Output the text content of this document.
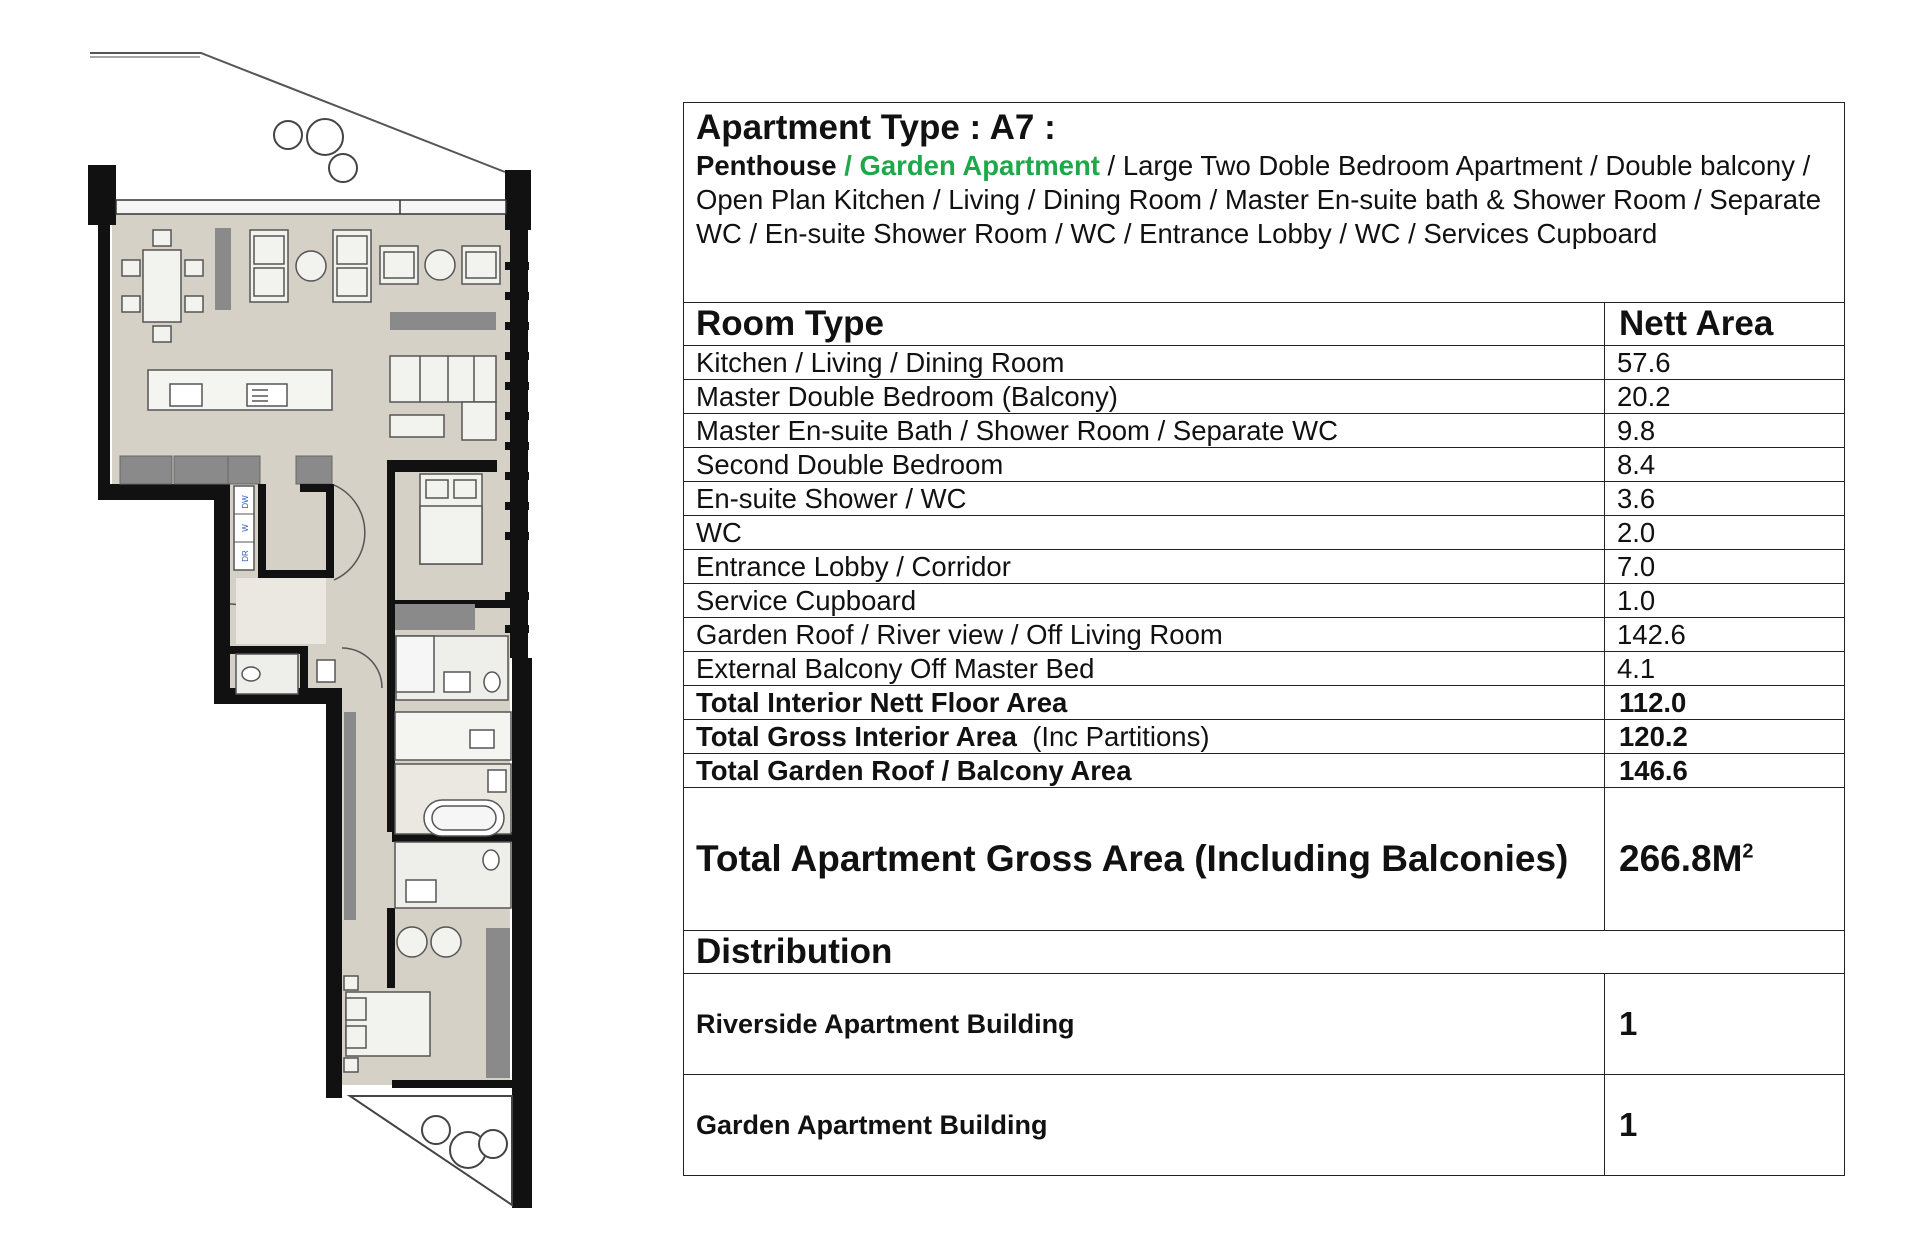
DW
W
DR
Apartment Type : A7 :
Penthouse / Garden Apartment / Large Two Doble Bedroom Apartment / Double balcony / Open Plan Kitchen / Living / Dining Room / Master En-suite bath & Shower Room / Separate WC / En-suite Shower Room / WC / Entrance Lobby / WC / Services Cupboard	

Room Type	Nett Area
Kitchen / Living / Dining Room	57.6
Master Double Bedroom (Balcony)	20.2
Master En-suite Bath / Shower Room / Separate WC	9.8
Second Double Bedroom	8.4
En-suite Shower / WC	3.6
WC	2.0
Entrance Lobby / Corridor	7.0
Service Cupboard	1.0
Garden Roof / River view / Off Living Room	142.6
External Balcony Off Master Bed	4.1
Total Interior Nett Floor Area	112.0
Total Gross Interior Area (Inc Partitions)	120.2
Total Garden Roof / Balcony Area	146.6
Total Apartment Gross Area (Including Balconies)	$266.8M^2$
Distribution	
Riverside Apartment Building	1
Garden Apartment Building	1
